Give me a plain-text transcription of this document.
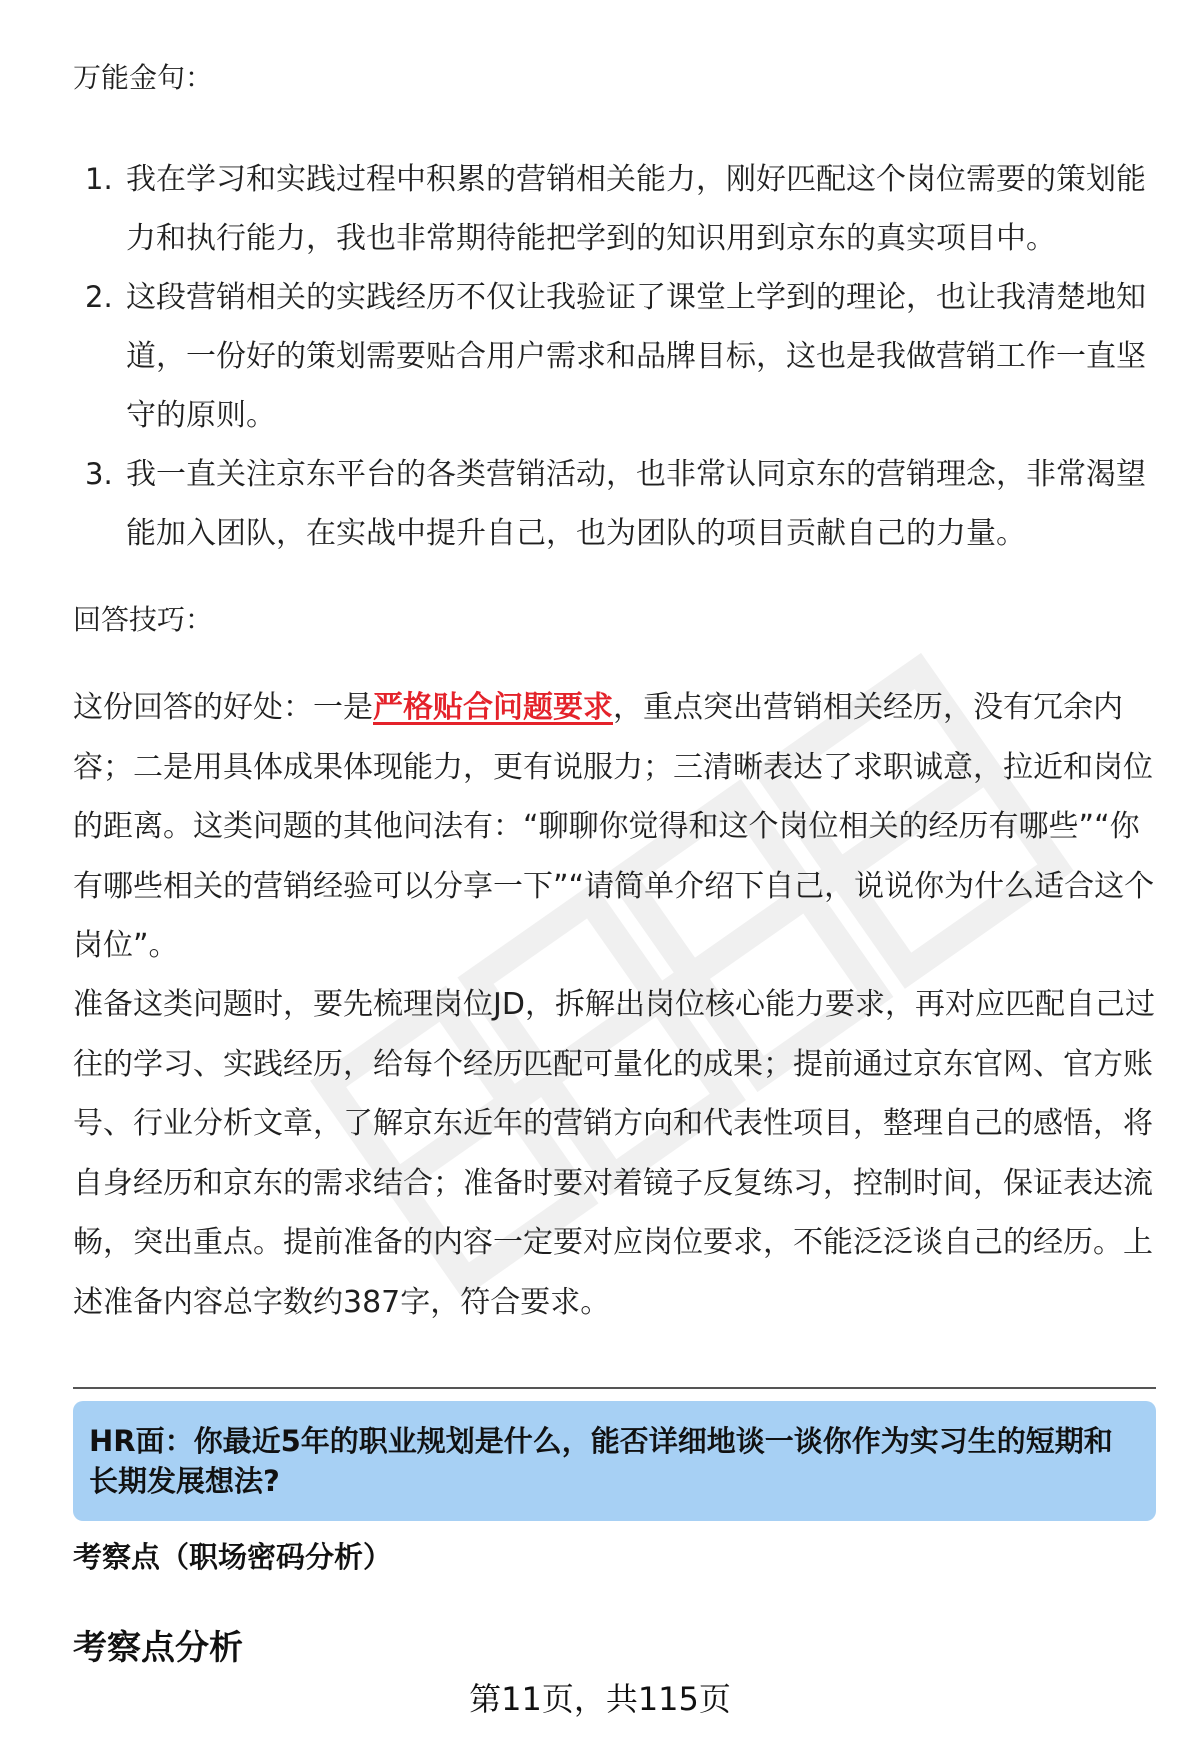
万能金句：
1. 我在学习和实践过程中积累的营销相关能力，刚好匹配这个岗位需要的策划能力和执行能力，我也非常期待能把学到的知识用到京东的真实项目中。
2. 这段营销相关的实践经历不仅让我验证了课堂上学到的理论，也让我清楚地知道，一份好的策划需要贴合用户需求和品牌目标，这也是我做营销工作一直坚守的原则。
3. 我一直关注京东平台的各类营销活动，也非常认同京东的营销理念，非常渴望能加入团队，在实战中提升自己，也为团队的项目贡献自己的力量。
回答技巧：

这份回答的好处：一是严格贴合问题要求，重点突出营销相关经历，没有冗余内容；二是用具体成果体现能力，更有说服力；三清晰表达了求职诚意，拉近和岗位的距离。这类问题的其他问法有：“聊聊你觉得和这个岗位相关的经历有哪些”“你有哪些相关的营销经验可以分享一下”“请简单介绍下自己，说说你为什么适合这个岗位”。

准备这类问题时，要先梳理岗位JD，拆解出岗位核心能力要求，再对应匹配自己过往的学习、实践经历，给每个经历匹配可量化的成果；提前通过京东官网、官方账号、行业分析文章，了解京东近年的营销方向和代表性项目，整理自己的感悟，将自身经历和京东的需求结合；准备时要对着镜子反复练习，控制时间，保证表达流畅，突出重点。提前准备的内容一定要对应岗位要求，不能泛泛谈自己的经历。上述准备内容总字数约387字，符合要求。

HR面：你最近5年的职业规划是什么，能否详细地谈一谈你作为实习生的短期和长期发展想法?
考察点（职场密码分析）
考察点分析
第11页，共115页
